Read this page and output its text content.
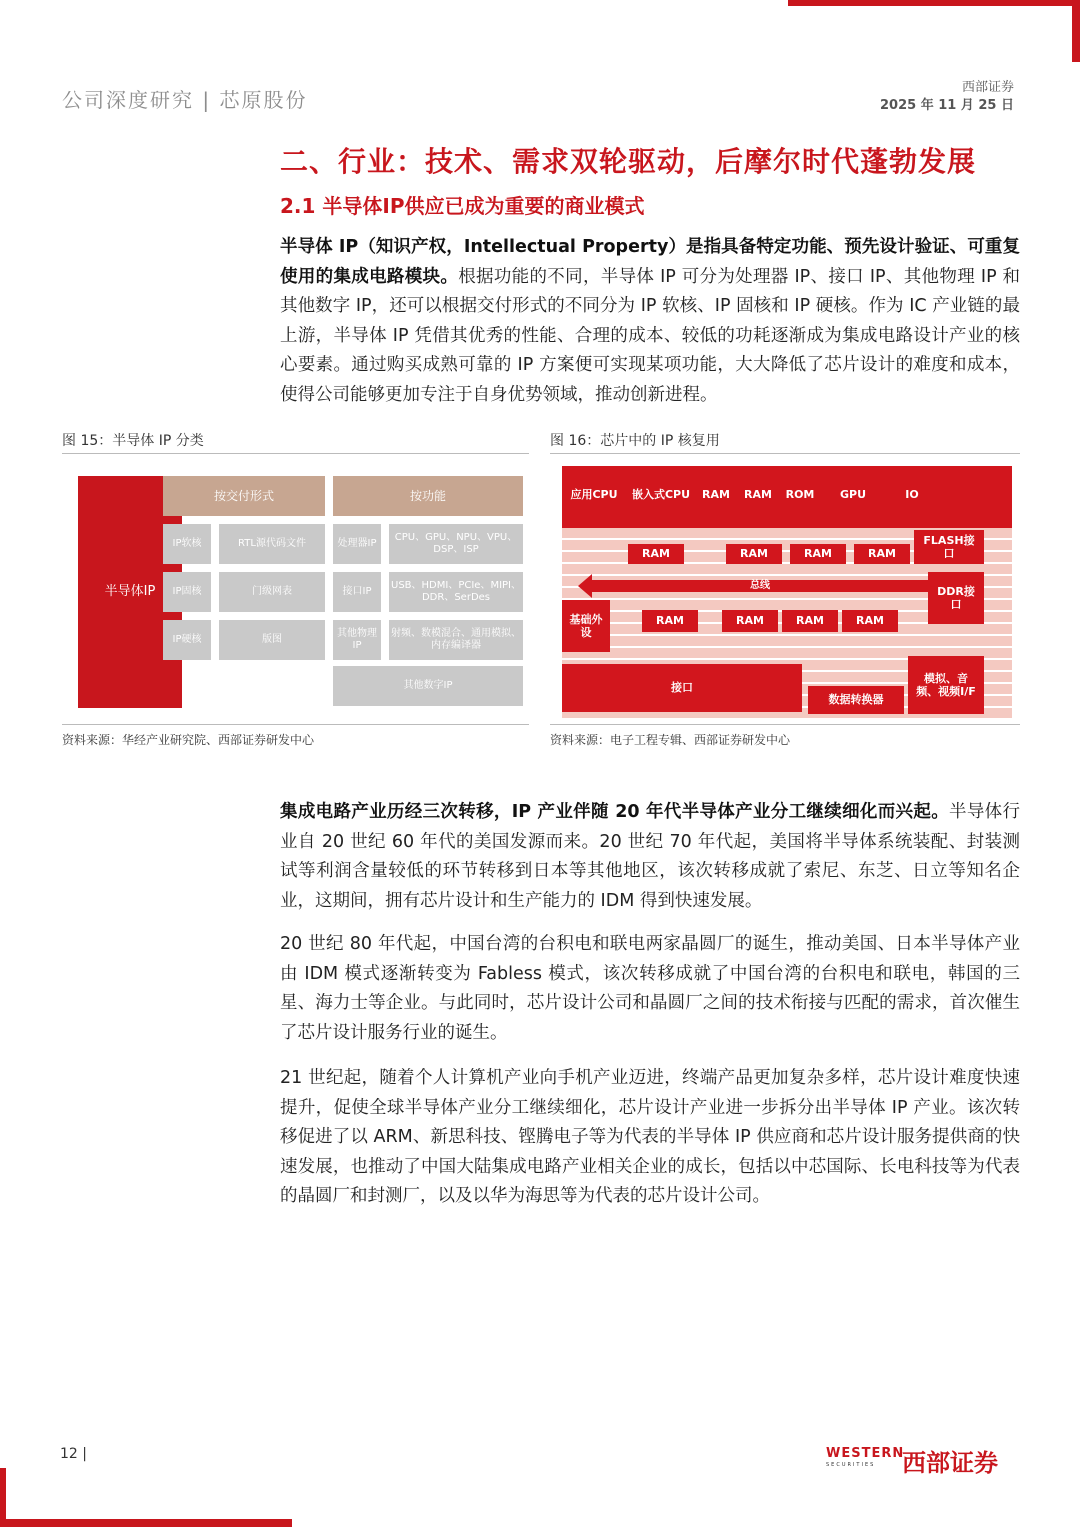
公司深度研究 | 芯原股份
西部证券
2025 年 11 月 25 日
二、行业：技术、需求双轮驱动，后摩尔时代蓬勃发展
2.1 半导体IP供应已成为重要的商业模式
半导体 IP（知识产权，Intellectual Property）是指具备特定功能、预先设计验证、可重复使用的集成电路模块。根据功能的不同，半导体 IP 可分为处理器 IP、接口 IP、其他物理 IP 和其他数字 IP，还可以根据交付形式的不同分为 IP 软核、IP 固核和 IP 硬核。作为 IC 产业链的最上游，半导体 IP 凭借其优秀的性能、合理的成本、较低的功耗逐渐成为集成电路设计产业的核心要素。通过购买成熟可靠的 IP 方案便可实现某项功能，大大降低了芯片设计的难度和成本，使得公司能够更加专注于自身优势领域，推动创新进程。
图 15：半导体 IP 分类	图 16：芯片中的 IP 核复用
半导体IP
按交付形式	按功能
IP软核	RTL源代码文件
IP固核	门级网表
IP硬核	版图
处理器IP
CPU、GPU、NPU、VPU、DSP、ISP
接口IP
USB、HDMI、PCIe、MIPI、DDR、SerDes
其他物理IP
射频、数模混合、通用模拟、内存编译器
其他数字IP
应用CPU	嵌入式CPU	RAM	RAM	ROM	GPU	IO
RAM	RAM	RAM	RAM
FLASH接口
总线	DDR接口
基础外设
RAM	RAM	RAM	RAM
接口
数据转换器
模拟、音频、视频I/F
资料来源：华经产业研究院、西部证券研发中心	资料来源：电子工程专辑、西部证券研发中心
集成电路产业历经三次转移，IP 产业伴随 20 年代半导体产业分工继续细化而兴起。半导体行业自 20 世纪 60 年代的美国发源而来。20 世纪 70 年代起，美国将半导体系统装配、封装测试等利润含量较低的环节转移到日本等其他地区，该次转移成就了索尼、东芝、日立等知名企业，这期间，拥有芯片设计和生产能力的 IDM 得到快速发展。
20 世纪 80 年代起，中国台湾的台积电和联电两家晶圆厂的诞生，推动美国、日本半导体产业由 IDM 模式逐渐转变为 Fabless 模式，该次转移成就了中国台湾的台积电和联电，韩国的三星、海力士等企业。与此同时，芯片设计公司和晶圆厂之间的技术衔接与匹配的需求，首次催生了芯片设计服务行业的诞生。
21 世纪起，随着个人计算机产业向手机产业迈进，终端产品更加复杂多样，芯片设计难度快速提升，促使全球半导体产业分工继续细化，芯片设计产业进一步拆分出半导体 IP 产业。该次转移促进了以 ARM、新思科技、铿腾电子等为代表的半导体 IP 供应商和芯片设计服务提供商的快速发展，也推动了中国大陆集成电路产业相关企业的成长，包括以中芯国际、长电科技等为代表的晶圆厂和封测厂，以及以华为海思等为代表的芯片设计公司。
12 |	WESTERN
SECURITIES 西部证券
